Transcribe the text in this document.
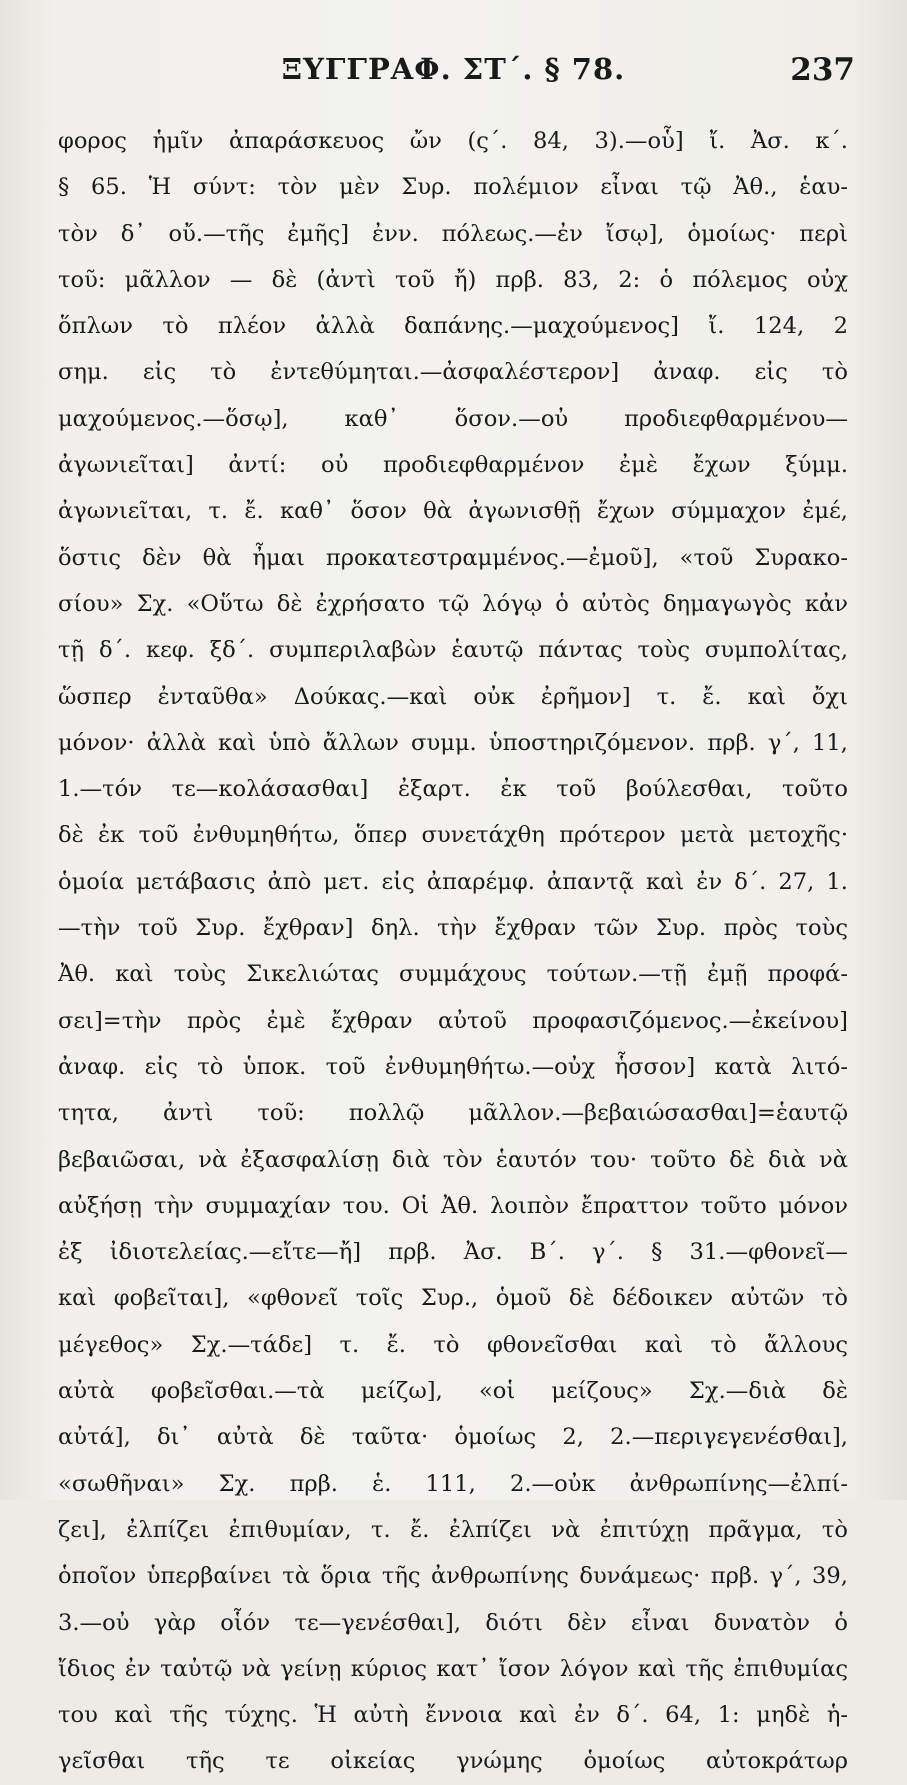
ΞΥΓΓΡΑΦ. ΣΤ΄. § 78.	237
φορος ἡμῖν ἀπαράσκευος ὤν (ς΄. 84, 3).—οὗ] ἴ. Ἀσ. κ΄.
§ 65. Ἡ σύντ: τὸν μὲν Συρ. πολέμιον εἶναι τῷ Ἀθ., ἑαυ-
τὸν δ᾽ οὔ.—τῆς ἐμῆς] ἐνν. πόλεως.—ἐν ἴσῳ], ὁμοίως· περὶ
τοῦ: μᾶλλον — δὲ (ἀντὶ τοῦ ἤ) πρβ. 83, 2: ὁ πόλεμος οὐχ
ὅπλων τὸ πλέον ἀλλὰ δαπάνης.—μαχούμενος] ἴ. 124, 2
σημ. εἰς τὸ ἐντεθύμηται.—ἀσφαλέστερον] ἀναφ. εἰς τὸ
μαχούμενος.—ὅσῳ], καθ᾽ ὅσον.—οὐ προδιεφθαρμένου—
ἀγωνιεῖται] ἀντί: οὐ προδιεφθαρμένον ἐμὲ ἔχων ξύμμ.
ἀγωνιεῖται, τ. ἔ. καθ᾽ ὅσον θὰ ἀγωνισθῇ ἔχων σύμμαχον ἐμέ,
ὅστις δὲν θὰ ἦμαι προκατεστραμμένος.—ἐμοῦ], «τοῦ Συρακο-
σίου» Σχ. «Οὕτω δὲ ἐχρήσατο τῷ λόγῳ ὁ αὐτὸς δημαγωγὸς κἀν
τῇ δ΄. κεφ. ξδ΄. συμπεριλαβὼν ἑαυτῷ πάντας τοὺς συμπολίτας,
ὥσπερ ἐνταῦθα» Δούκας.—καὶ οὐκ ἐρῆμον] τ. ἔ. καὶ ὄχι
μόνον· ἀλλὰ καὶ ὑπὸ ἄλλων συμμ. ὑποστηριζόμενον. πρβ. γ΄, 11,
1.—τόν τε—κολάσασθαι] ἐξαρτ. ἐκ τοῦ βούλεσθαι, τοῦτο
δὲ ἐκ τοῦ ἐνθυμηθήτω, ὅπερ συνετάχθη πρότερον μετὰ μετοχῆς·
ὁμοία μετάβασις ἀπὸ μετ. εἰς ἀπαρέμφ. ἀπαντᾷ καὶ ἐν δ΄. 27, 1.
—τὴν τοῦ Συρ. ἔχθραν] δηλ. τὴν ἔχθραν τῶν Συρ. πρὸς τοὺς
Ἀθ. καὶ τοὺς Σικελιώτας συμμάχους τούτων.—τῇ ἐμῇ προφά-
σει]=τὴν πρὸς ἐμὲ ἔχθραν αὐτοῦ προφασιζόμενος.—ἐκείνου]
ἀναφ. εἰς τὸ ὑποκ. τοῦ ἐνθυμηθήτω.—οὐχ ἧσσον] κατὰ λιτό-
τητα, ἀντὶ τοῦ: πολλῷ μᾶλλον.—βεβαιώσασθαι]=ἑαυτῷ
βεβαιῶσαι, νὰ ἐξασφαλίσῃ διὰ τὸν ἑαυτόν του· τοῦτο δὲ διὰ νὰ
αὐξήσῃ τὴν συμμαχίαν του. Οἱ Ἀθ. λοιπὸν ἔπραττον τοῦτο μόνον
ἐξ ἰδιοτελείας.—εἴτε—ἤ] πρβ. Ἀσ. Β΄. γ΄. § 31.—φθονεῖ—
καὶ φοβεῖται], «φθονεῖ τοῖς Συρ., ὁμοῦ δὲ δέδοικεν αὐτῶν τὸ
μέγεθος» Σχ.—τάδε] τ. ἔ. τὸ φθονεῖσθαι καὶ τὸ ἄλλους
αὐτὰ φοβεῖσθαι.—τὰ μείζω], «οἱ μείζους» Σχ.—διὰ δὲ
αὐτά], δι᾽ αὐτὰ δὲ ταῦτα· ὁμοίως 2, 2.—περιγεγενέσθαι],
«σωθῆναι» Σχ. πρβ. ἑ. 111, 2.—οὐκ ἀνθρωπίνης—ἐλπί-
ζει], ἐλπίζει ἐπιθυμίαν, τ. ἔ. ἐλπίζει νὰ ἐπιτύχῃ πρᾶγμα, τὸ
ὁποῖον ὑπερβαίνει τὰ ὅρια τῆς ἀνθρωπίνης δυνάμεως· πρβ. γ΄, 39,
3.—οὐ γὰρ οἷόν τε—γενέσθαι], διότι δὲν εἶναι δυνατὸν ὁ
ἴδιος ἐν ταὐτῷ νὰ γείνῃ κύριος κατ᾽ ἴσον λόγον καὶ τῆς ἐπιθυμίας
του καὶ τῆς τύχης. Ἡ αὐτὴ ἔννοια καὶ ἐν δ΄. 64, 1: μηδὲ ἡ-
γεῖσθαι τῆς τε οἰκείας γνώμης ὁμοίως αὐτοκράτωρ
